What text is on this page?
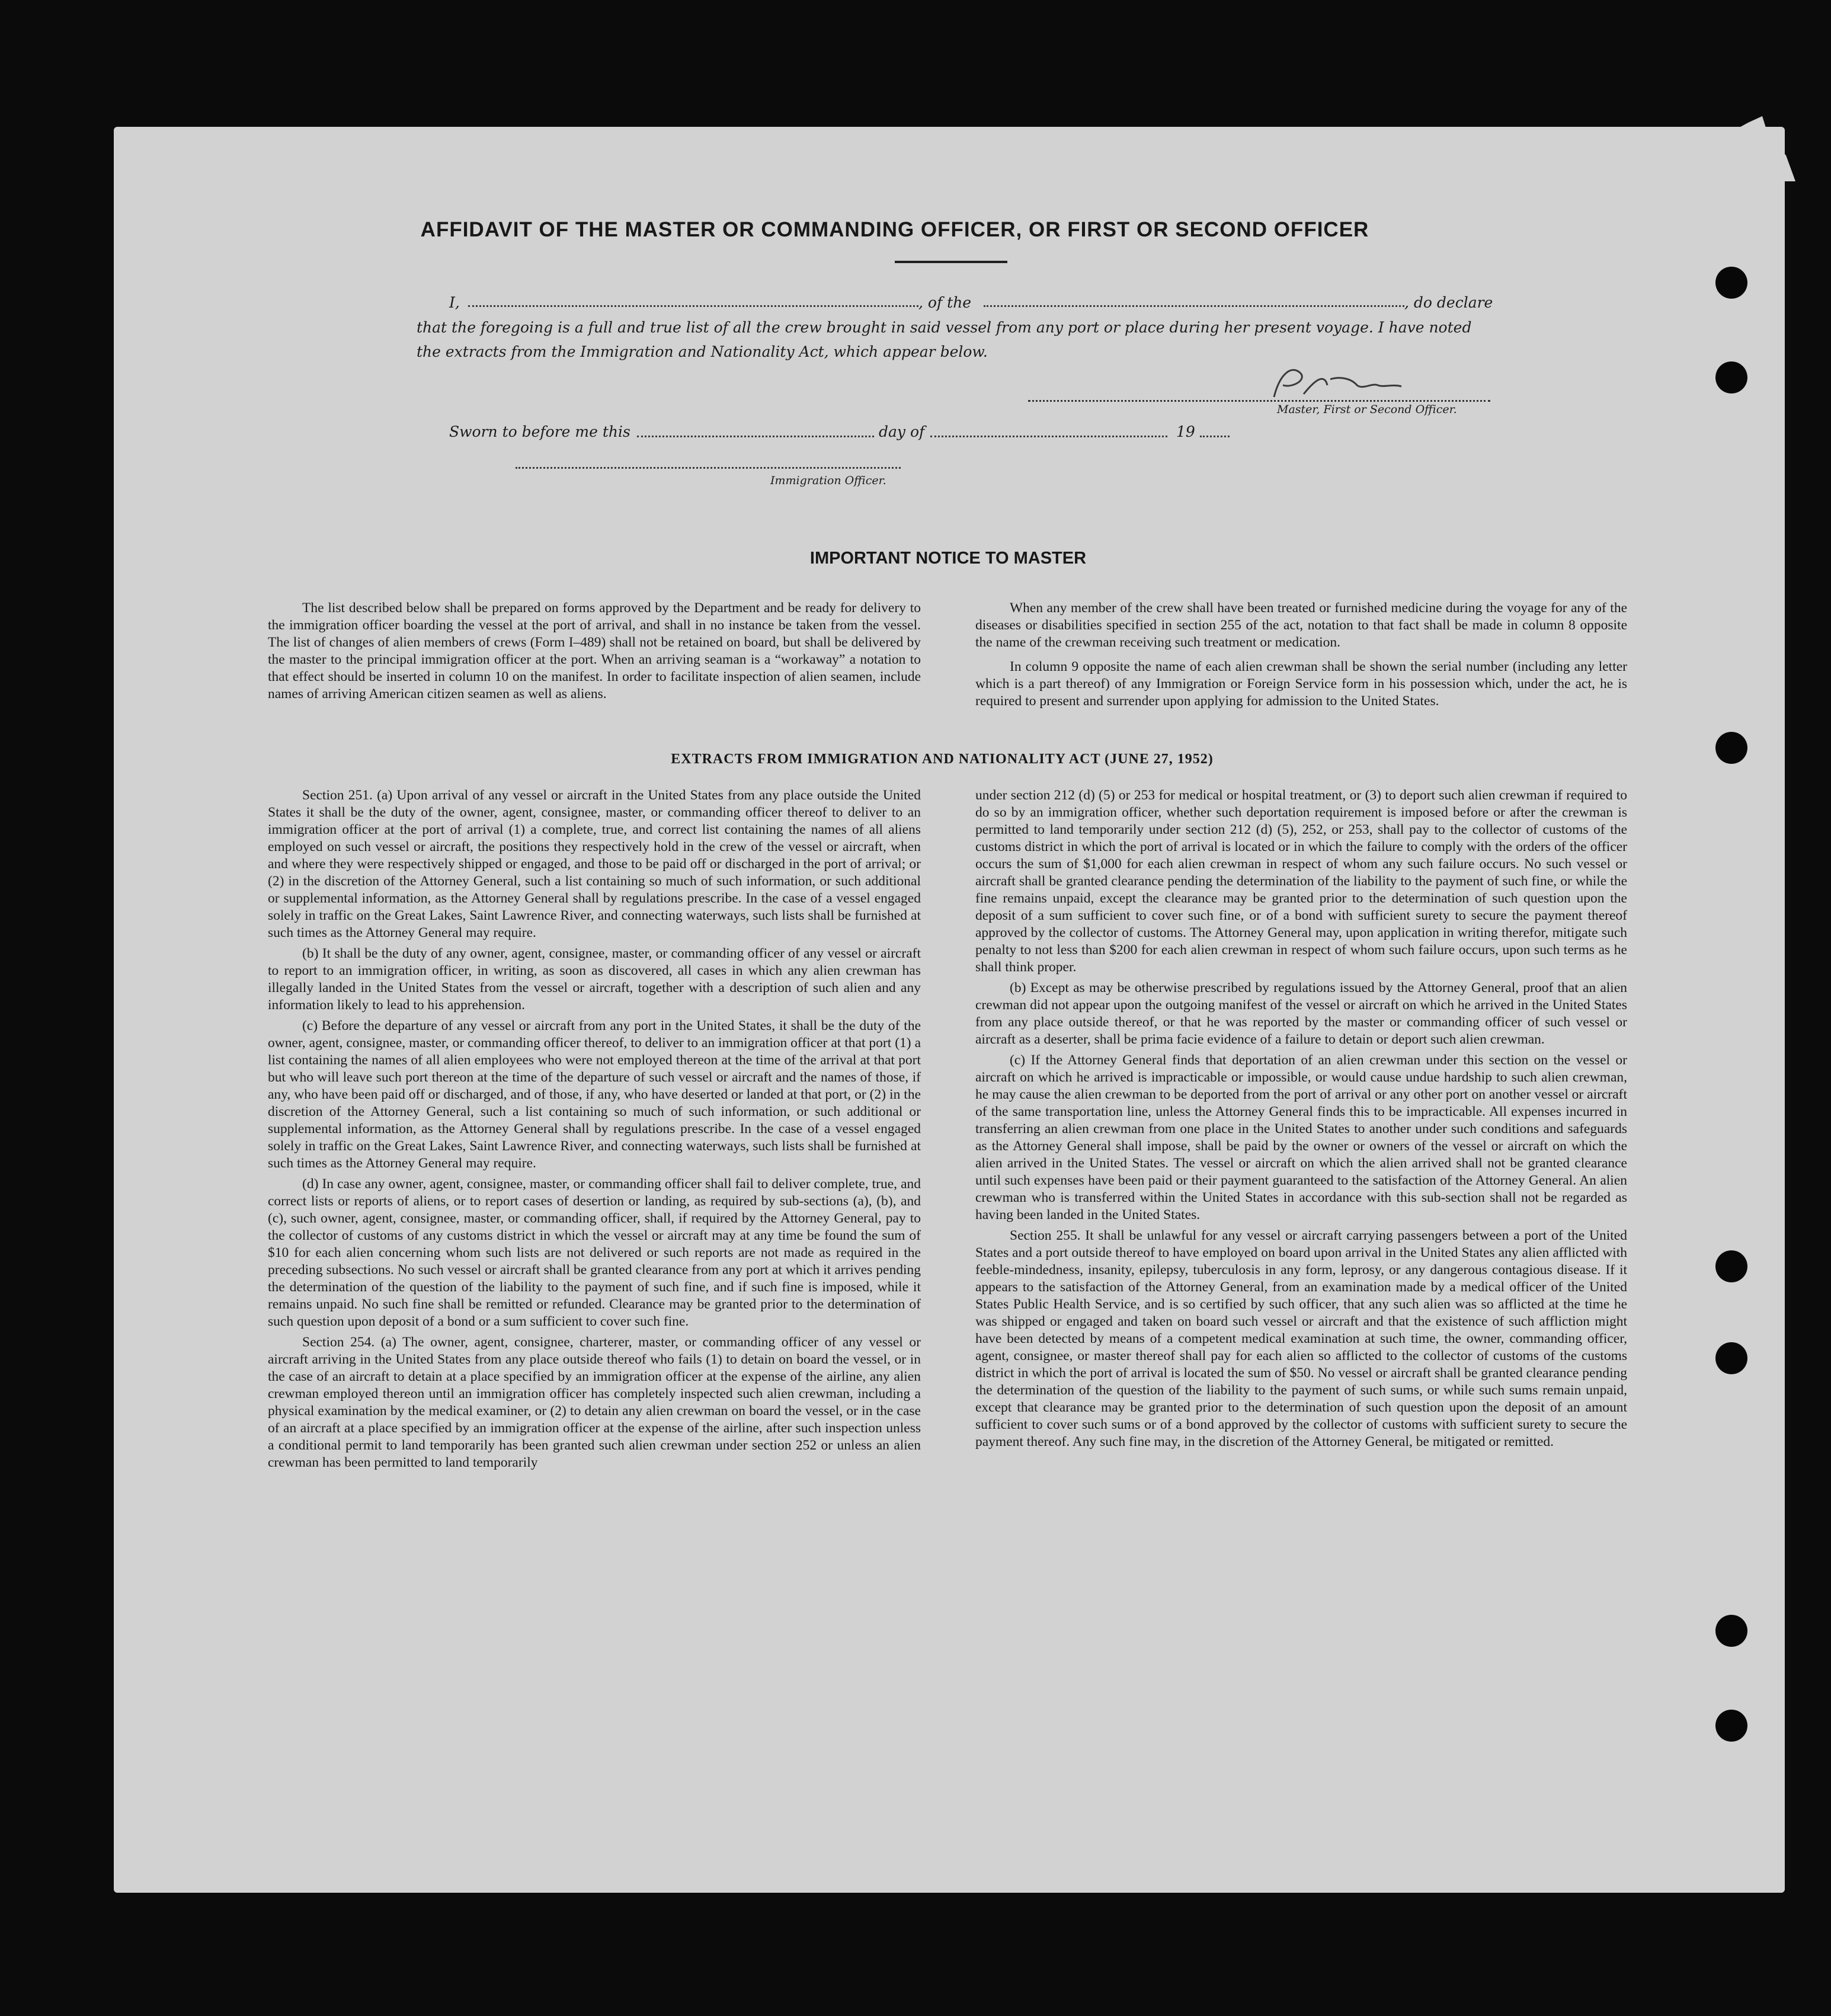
AFFIDAVIT OF THE MASTER OR COMMANDING OFFICER, OR FIRST OR SECOND OFFICER
I,	, of the	, do declare
that the foregoing is a full and true list of all the crew brought in said vessel from any port or place during her present voyage. I have noted
the extracts from the Immigration and Nationality Act, which appear below.
Master, First or Second Officer.
Sworn to before me this	day of	19
Immigration Officer.
IMPORTANT NOTICE TO MASTER

The list described below shall be prepared on forms approved by the Department and be ready for delivery to the immigration officer boarding the vessel at the port of arrival, and shall in no instance be taken from the vessel. The list of changes of alien members of crews (Form I–489) shall not be retained on board, but shall be delivered by the master to the principal immigration officer at the port. When an arriving seaman is a “workaway” a notation to that effect should be inserted in column 10 on the manifest. In order to facilitate inspection of alien seamen, include names of arriving American citizen seamen as well as aliens.

When any member of the crew shall have been treated or furnished medicine during the voyage for any of the diseases or disabilities specified in section 255 of the act, notation to that fact shall be made in column 8 opposite the name of the crewman receiving such treatment or medication.

In column 9 opposite the name of each alien crewman shall be shown the serial number (including any letter which is a part thereof) of any Immigration or Foreign Service form in his possession which, under the act, he is required to present and surrender upon applying for admission to the United States.

EXTRACTS FROM IMMIGRATION AND NATIONALITY ACT (JUNE 27, 1952)

Section 251. (a) Upon arrival of any vessel or aircraft in the United States from any place outside the United States it shall be the duty of the owner, agent, consignee, master, or commanding officer thereof to deliver to an immigration officer at the port of arrival (1) a complete, true, and correct list containing the names of all aliens employed on such vessel or aircraft, the positions they respectively hold in the crew of the vessel or aircraft, when and where they were respectively shipped or engaged, and those to be paid off or discharged in the port of arrival; or (2) in the discretion of the Attorney General, such a list containing so much of such information, or such additional or supplemental information, as the Attorney General shall by regulations prescribe. In the case of a vessel engaged solely in traffic on the Great Lakes, Saint Lawrence River, and connecting waterways, such lists shall be furnished at such times as the Attorney General may require.

(b) It shall be the duty of any owner, agent, consignee, master, or commanding officer of any vessel or aircraft to report to an immigration officer, in writing, as soon as discovered, all cases in which any alien crewman has illegally landed in the United States from the vessel or aircraft, together with a description of such alien and any information likely to lead to his apprehension.

(c) Before the departure of any vessel or aircraft from any port in the United States, it shall be the duty of the owner, agent, consignee, master, or commanding officer thereof, to deliver to an immigration officer at that port (1) a list containing the names of all alien employees who were not employed thereon at the time of the arrival at that port but who will leave such port thereon at the time of the departure of such vessel or aircraft and the names of those, if any, who have been paid off or discharged, and of those, if any, who have deserted or landed at that port, or (2) in the discretion of the Attorney General, such a list containing so much of such information, or such additional or supplemental information, as the Attorney General shall by regulations prescribe. In the case of a vessel engaged solely in traffic on the Great Lakes, Saint Lawrence River, and connecting waterways, such lists shall be furnished at such times as the Attorney General may require.

(d) In case any owner, agent, consignee, master, or commanding officer shall fail to deliver complete, true, and correct lists or reports of aliens, or to report cases of desertion or landing, as required by sub-sections (a), (b), and (c), such owner, agent, consignee, master, or commanding officer, shall, if required by the Attorney General, pay to the collector of customs of any customs district in which the vessel or aircraft may at any time be found the sum of $10 for each alien concerning whom such lists are not delivered or such reports are not made as required in the preceding subsections. No such vessel or aircraft shall be granted clearance from any port at which it arrives pending the determination of the question of the liability to the payment of such fine, and if such fine is imposed, while it remains unpaid. No such fine shall be remitted or refunded. Clearance may be granted prior to the determination of such question upon deposit of a bond or a sum sufficient to cover such fine.

Section 254. (a) The owner, agent, consignee, charterer, master, or commanding officer of any vessel or aircraft arriving in the United States from any place outside thereof who fails (1) to detain on board the vessel, or in the case of an aircraft to detain at a place specified by an immigration officer at the expense of the airline, any alien crewman employed thereon until an immigration officer has completely inspected such alien crewman, including a physical examination by the medical examiner, or (2) to detain any alien crewman on board the vessel, or in the case of an aircraft at a place specified by an immigration officer at the expense of the airline, after such inspection unless a conditional permit to land temporarily has been granted such alien crewman under section 252 or unless an alien crewman has been permitted to land temporarily

under section 212 (d) (5) or 253 for medical or hospital treatment, or (3) to deport such alien crewman if required to do so by an immigration officer, whether such deportation requirement is imposed before or after the crewman is permitted to land temporarily under section 212 (d) (5), 252, or 253, shall pay to the collector of customs of the customs district in which the port of arrival is located or in which the failure to comply with the orders of the officer occurs the sum of $1,000 for each alien crewman in respect of whom any such failure occurs. No such vessel or aircraft shall be granted clearance pending the determination of the liability to the payment of such fine, or while the fine remains unpaid, except the clearance may be granted prior to the determination of such question upon the deposit of a sum sufficient to cover such fine, or of a bond with sufficient surety to secure the payment thereof approved by the collector of customs. The Attorney General may, upon application in writing therefor, mitigate such penalty to not less than $200 for each alien crewman in respect of whom such failure occurs, upon such terms as he shall think proper.

(b) Except as may be otherwise prescribed by regulations issued by the Attorney General, proof that an alien crewman did not appear upon the outgoing manifest of the vessel or aircraft on which he arrived in the United States from any place outside thereof, or that he was reported by the master or commanding officer of such vessel or aircraft as a deserter, shall be prima facie evidence of a failure to detain or deport such alien crewman.

(c) If the Attorney General finds that deportation of an alien crewman under this section on the vessel or aircraft on which he arrived is impracticable or impossible, or would cause undue hardship to such alien crewman, he may cause the alien crewman to be deported from the port of arrival or any other port on another vessel or aircraft of the same transportation line, unless the Attorney General finds this to be impracticable. All expenses incurred in transferring an alien crewman from one place in the United States to another under such conditions and safeguards as the Attorney General shall impose, shall be paid by the owner or owners of the vessel or aircraft on which the alien arrived in the United States. The vessel or aircraft on which the alien arrived shall not be granted clearance until such expenses have been paid or their payment guaranteed to the satisfaction of the Attorney General. An alien crewman who is transferred within the United States in accordance with this sub-section shall not be regarded as having been landed in the United States.

Section 255. It shall be unlawful for any vessel or aircraft carrying passengers between a port of the United States and a port outside thereof to have employed on board upon arrival in the United States any alien afflicted with feeble-mindedness, insanity, epilepsy, tuberculosis in any form, leprosy, or any dangerous contagious disease. If it appears to the satisfaction of the Attorney General, from an examination made by a medical officer of the United States Public Health Service, and is so certified by such officer, that any such alien was so afflicted at the time he was shipped or engaged and taken on board such vessel or aircraft and that the existence of such affliction might have been detected by means of a competent medical examination at such time, the owner, commanding officer, agent, consignee, or master thereof shall pay for each alien so afflicted to the collector of customs of the customs district in which the port of arrival is located the sum of $50. No vessel or aircraft shall be granted clearance pending the determination of the question of the liability to the payment of such sums, or while such sums remain unpaid, except that clearance may be granted prior to the determination of such question upon the deposit of an amount sufficient to cover such sums or of a bond approved by the collector of customs with sufficient surety to secure the payment thereof. Any such fine may, in the discretion of the Attorney General, be mitigated or remitted.
